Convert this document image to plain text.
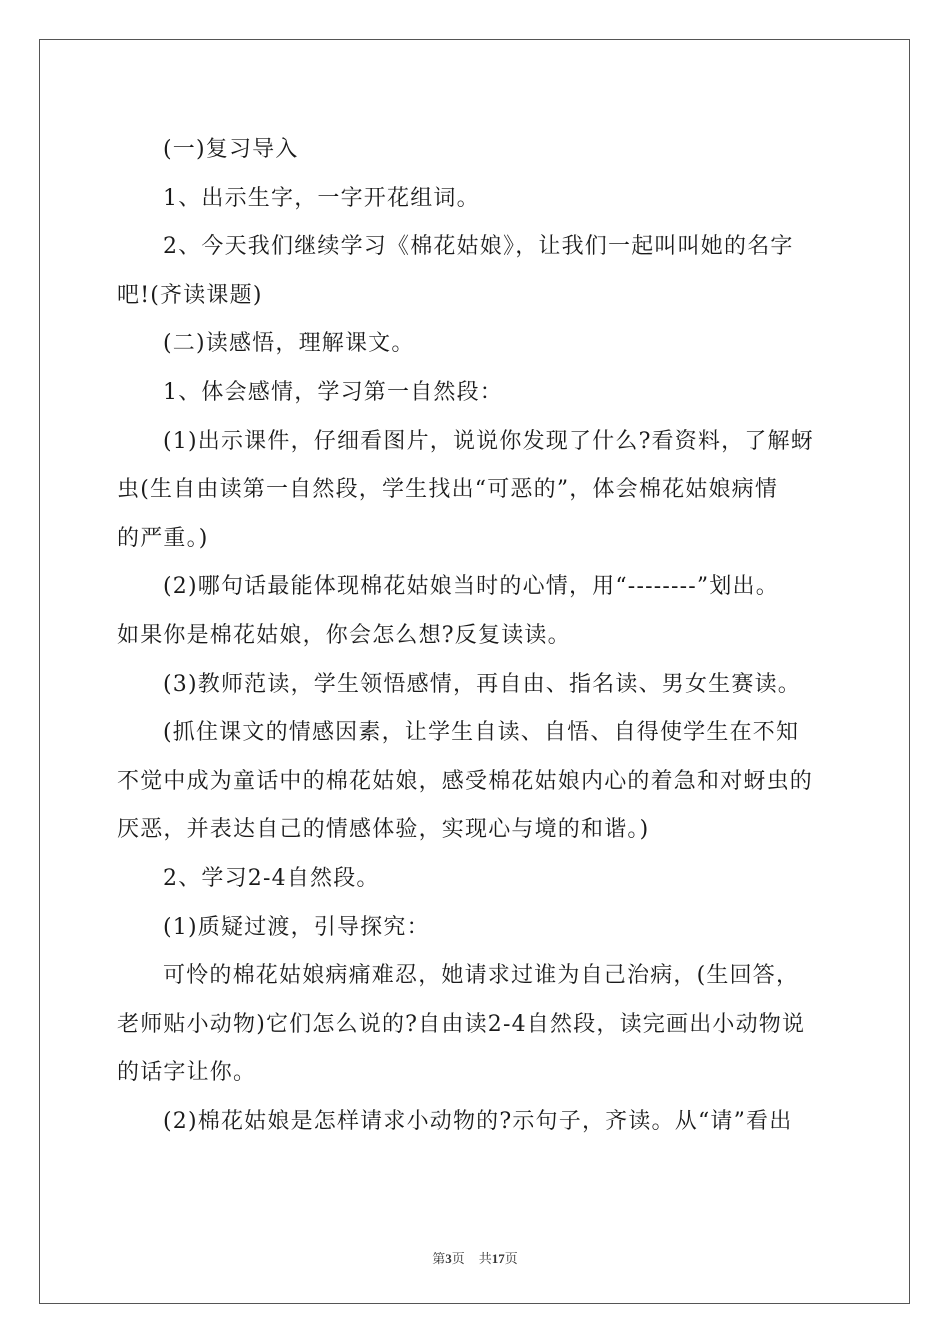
(一)复习导入
1、出示生字，一字开花组词。
2、今天我们继续学习《棉花姑娘》，让我们一起叫叫她的名字
吧!(齐读课题)
(二)读感悟，理解课文。
1、体会感情，学习第一自然段：
(1)出示课件，仔细看图片，说说你发现了什么?看资料，了解蚜
虫(生自由读第一自然段，学生找出“可恶的”，体会棉花姑娘病情
的严重。)
(2)哪句话最能体现棉花姑娘当时的心情，用“--------”划出。
如果你是棉花姑娘，你会怎么想?反复读读。
(3)教师范读，学生领悟感情，再自由、指名读、男女生赛读。
(抓住课文的情感因素，让学生自读、自悟、自得使学生在不知
不觉中成为童话中的棉花姑娘，感受棉花姑娘内心的着急和对蚜虫的
厌恶，并表达自己的情感体验，实现心与境的和谐。)
2、学习2-4自然段。
(1)质疑过渡，引导探究：
可怜的棉花姑娘病痛难忍，她请求过谁为自己治病，(生回答，
老师贴小动物)它们怎么说的?自由读2-4自然段，读完画出小动物说
的话字让你。
(2)棉花姑娘是怎样请求小动物的?示句子，齐读。从“请”看出
第3页 共17页
